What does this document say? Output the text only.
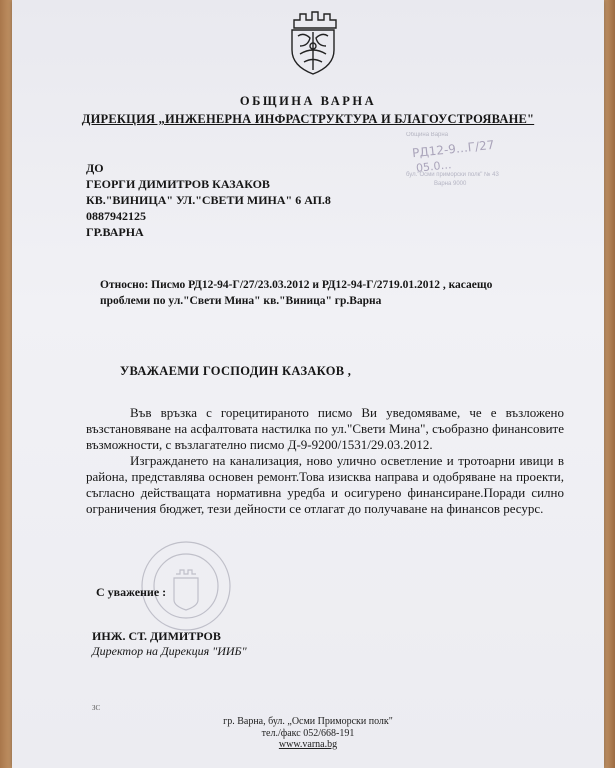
ОБЩИНА ВАРНА
ДИРЕКЦИЯ „ИНЖЕНЕРНА ИНФРАСТРУКТУРА И БЛАГОУСТРОЯВАНЕ"
РД12-9…Г/27
05.0…
Община Варна
бул."Осми приморски полк" № 43
Варна 9000
ДО
ГЕОРГИ ДИМИТРОВ КАЗАКОВ
КВ."ВИНИЦА" УЛ."СВЕТИ МИНА" 6 АП.8
0887942125
ГР.ВАРНА
Относно: Писмо РД12-94-Г/27/23.03.2012 и РД12-94-Г/2719.01.2012 , касаещо
проблеми по ул."Свети Мина" кв."Виница" гр.Варна
УВАЖАЕМИ ГОСПОДИН КАЗАКОВ ,

Във връзка с горецитираното писмо Ви уведомяваме, че е възложено възстановяване на асфалтовата настилка по ул."Свети Мина", съобразно финансовите възможности, с възлагателно писмо Д-9-9200/1531/29.03.2012.

Изграждането на канализация, ново улично осветление и тротоарни ивици в района, представлява основен ремонт.Това изисква направа и одобряване на проекти, съгласно действащата нормативна уредба и осигурено финансиране.Поради силно ограничения бюджет, тези дейности се отлагат до получаване на финансов ресурс.

С уважение :
ИНЖ. СТ. ДИМИТРОВ
Директор на Дирекция "ИИБ"
ЗС
гр. Варна, бул. „Осми Приморски полк"
тел./факс 052/668-191
www.varna.bg
